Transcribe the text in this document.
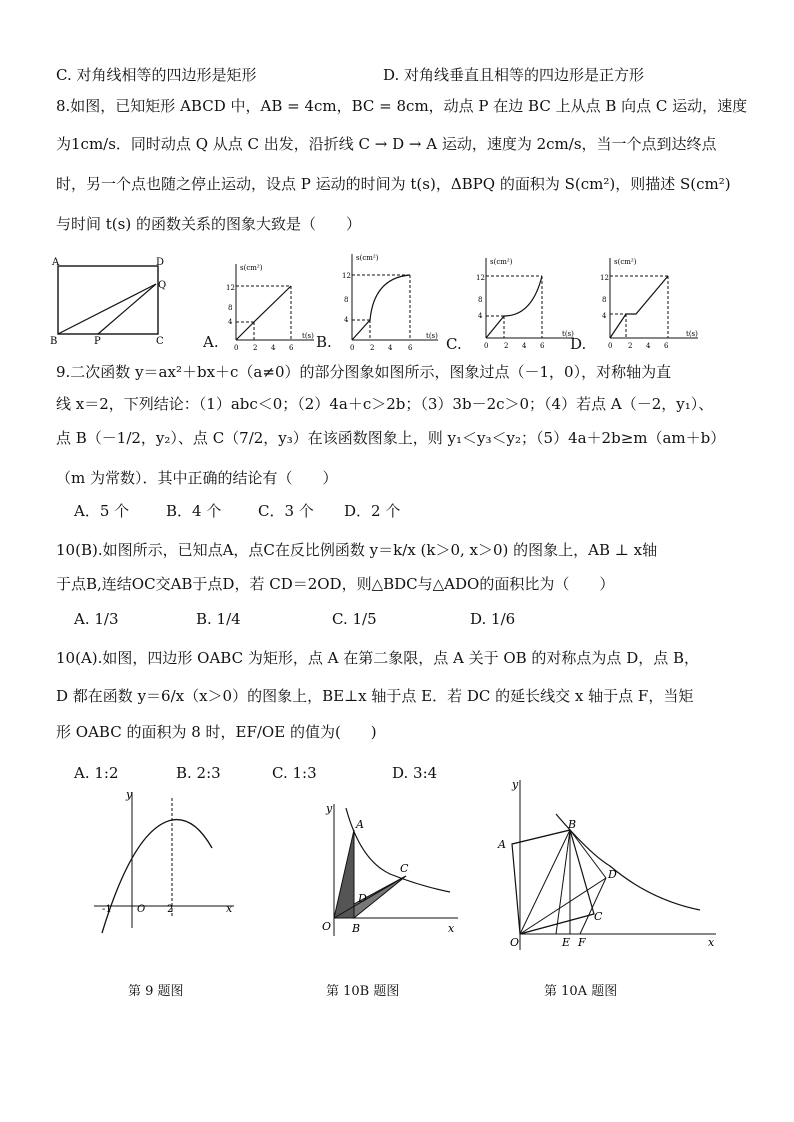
C. 对角线相等的四边形是矩形	D. 对角线垂直且相等的四边形是正方形
8.如图，已知矩形 ABCD 中，AB = 4cm，BC = 8cm，动点 P 在边 BC 上从点 B 向点 C 运动，速度
为1cm/s．同时动点 Q 从点 C 出发，沿折线 C → D → A 运动，速度为 2cm/s，当一个点到达终点
时，另一个点也随之停止运动，设点 P 运动的时间为 t(s)，ΔBPQ 的面积为 S(cm²)，则描述 S(cm²)
与时间 t(s) 的函数关系的图象大致是（　　）
A	D
Q
B	P	C
s(cm²)
t(s)
12
8
4
0 2 4 6
A.
s(cm²)
t(s)
12
8
4
0 2 4 6
B.
s(cm²)
t(s)
12
8
4
0 2 4 6
C.
s(cm²)
t(s)
12
8
4
0 2 4 6
D.
9.二次函数 y＝ax²＋bx＋c（a≠0）的部分图象如图所示，图象过点（－1，0），对称轴为直
线 x＝2，下列结论：（1）abc＜0；（2）4a＋c＞2b；（3）3b－2c＞0；（4）若点 A（－2，y₁）、
点 B（－1/2，y₂）、点 C（7/2，y₃）在该函数图象上，则 y₁＜y₃＜y₂；（5）4a＋2b≥m（am＋b）
（m 为常数）．其中正确的结论有（　　）
A．5 个 B．4 个 C．3 个 D．2 个
10(B).如图所示，已知点A，点C在反比例函数 y＝k/x (k＞0, x＞0) 的图象上，AB ⊥ x轴
于点B,连结OC交AB于点D，若 CD＝2OD，则△BDC与△ADO的面积比为（　　）
A. 1/3	B. 1/4	C. 1/5	D. 1/6
10(A).如图，四边形 OABC 为矩形，点 A 在第二象限，点 A 关于 OB 的对称点为点 D，点 B，
D 都在函数 y＝6/x（x＞0）的图象上，BE⊥x 轴于点 E．若 DC 的延长线交 x 轴于点 F，当矩
形 OABC 的面积为 8 时，EF/OE 的值为(　　)
A. 1:2	B. 2:3	C. 1:3	D. 3:4
y
x
-1	O 2
第 9 题图
y
x
O
A
B
C
D
第 10B 题图
y
x
O
A
B
C
D
E F
第 10A 题图
